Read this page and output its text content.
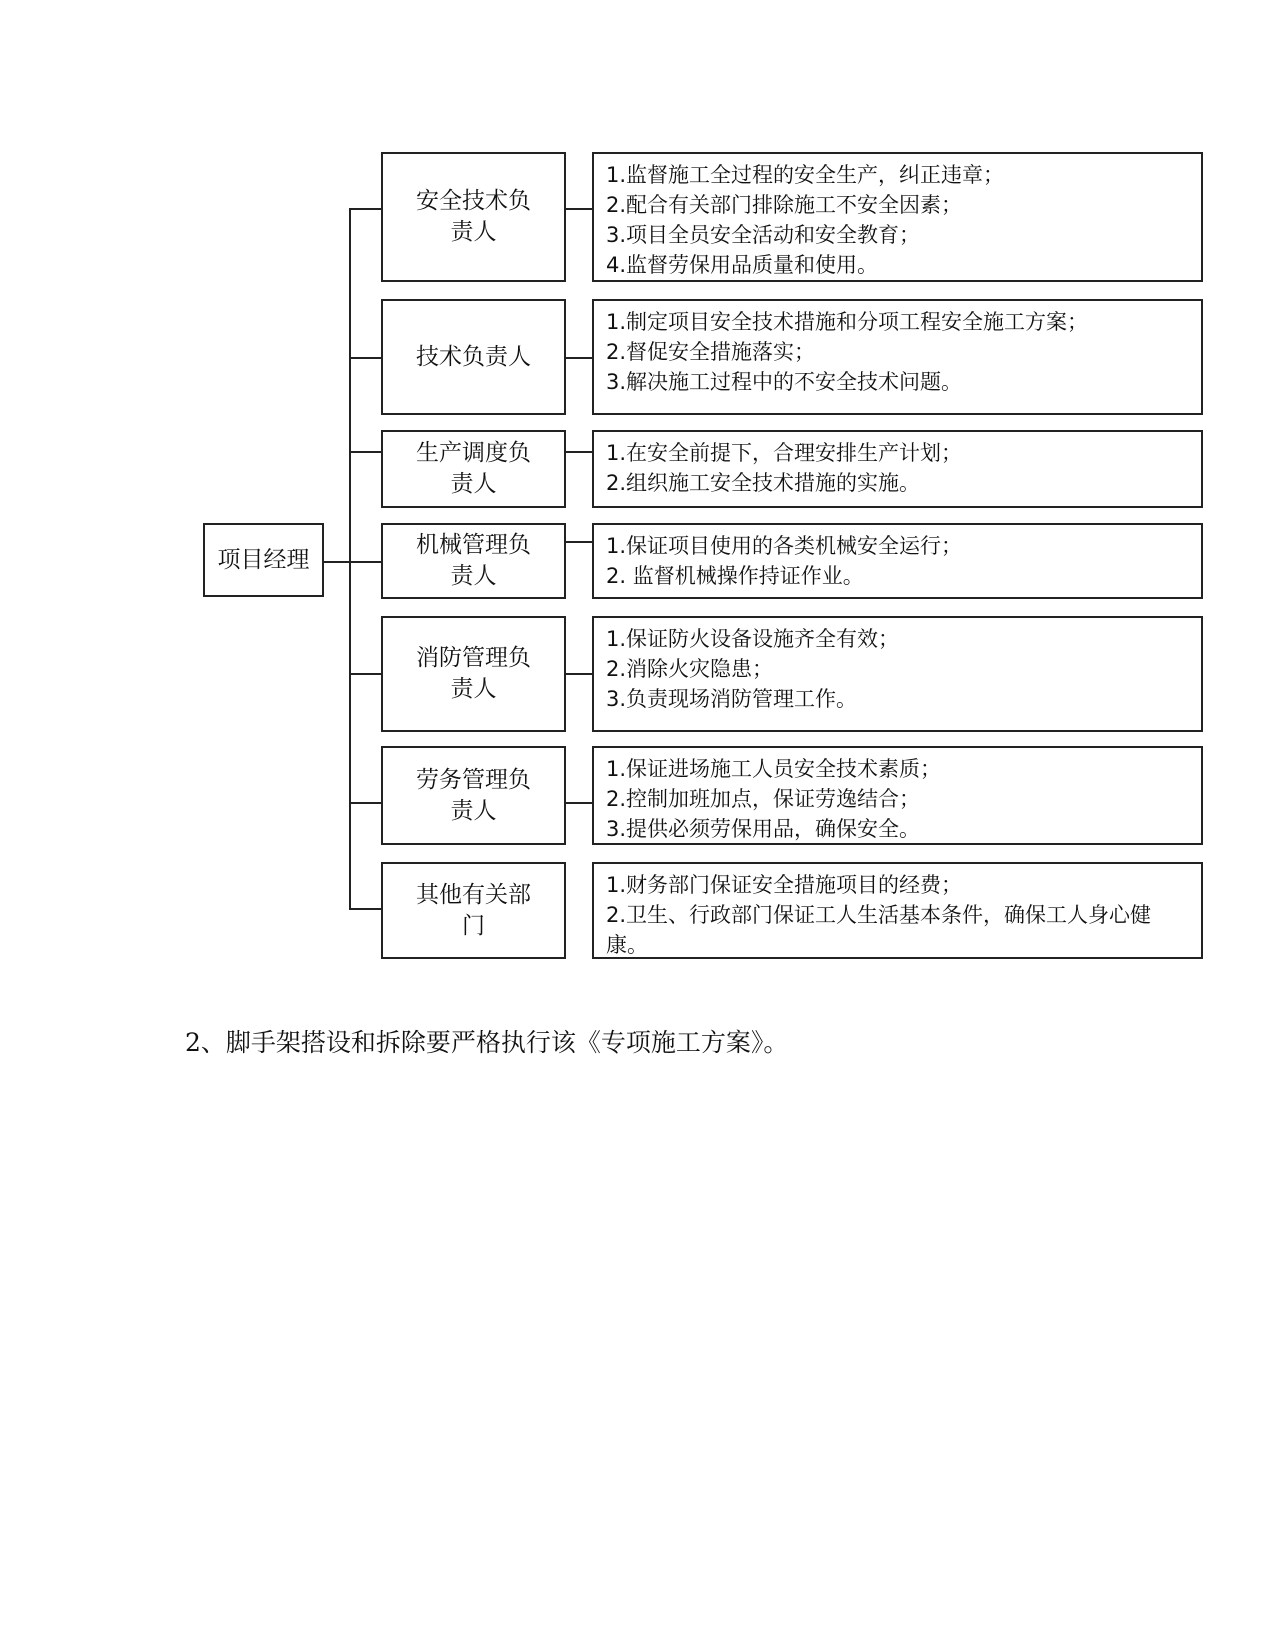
项目经理
安全技术负责人
1.监督施工全过程的安全生产，纠正违章；
2.配合有关部门排除施工不安全因素；
3.项目全员安全活动和安全教育；
4.监督劳保用品质量和使用。
技术负责人
1.制定项目安全技术措施和分项工程安全施工方案；
2.督促安全措施落实；
3.解决施工过程中的不安全技术问题。
生产调度负责人
1.在安全前提下，合理安排生产计划；
2.组织施工安全技术措施的实施。
机械管理负责人
1.保证项目使用的各类机械安全运行；
2. 监督机械操作持证作业。
消防管理负责人
1.保证防火设备设施齐全有效；
2.消除火灾隐患；
3.负责现场消防管理工作。
劳务管理负责人
1.保证进场施工人员安全技术素质；
2.控制加班加点，保证劳逸结合；
3.提供必须劳保用品，确保安全。
其他有关部门
1.财务部门保证安全措施项目的经费；
2.卫生、行政部门保证工人生活基本条件，确保工人身心健康。
2、脚手架搭设和拆除要严格执行该《专项施工方案》。
